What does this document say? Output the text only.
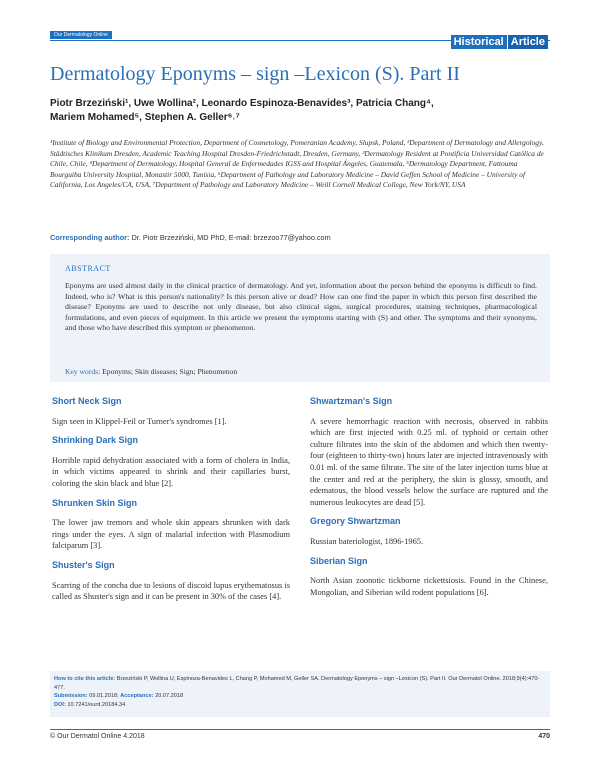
Our Dermatology Online
Historical Article
Dermatology Eponyms – sign –Lexicon (S). Part II
Piotr Brzeziński¹, Uwe Wollina², Leonardo Espinoza-Benavides³, Patricia Chang⁴,
Mariem Mohamed⁵, Stephen A. Geller⁶˒⁷
¹Institute of Biology and Environmental Protection, Department of Cosmetology, Pomeranian Academy, Slupsk, Poland, ²Department of Dermatology and Allergology, Städtisches Klinikum Dresden, Academic Teaching Hospital Dresden-Friedrichstadt, Dresden, Germany, ³Dermatology Resident at Pontificia Universidad Católica de Chile, Chile, ⁴Department of Dermatology, Hospital General de Enfermedades IGSS and Hospital Ángeles, Guatemala, ⁵Dermatology Department, Fattouma Bourguiba University Hospital, Monastir 5000, Tunisia, ⁶Department of Pathology and Laboratory Medicine – David Geffen School of Medicine – University of California, Los Angeles/CA, USA, ⁷Department of Pathology and Laboratory Medicine – Weill Cornell Medical College, New York/NY, USA
Corresponding author: Dr. Piotr Brzeziński, MD PhD, E-mail: brzezoo77@yahoo.com
ABSTRACT
Eponyms are used almost daily in the clinical practice of dermatology. And yet, information about the person behind the eponyms is difficult to find. Indeed, who is? What is this person's nationality? Is this person alive or dead? How can one find the paper in which this person first described the disease? Eponyms are used to describe not only disease, but also clinical signs, surgical procedures, staining techniques, pharmacological formulations, and even pieces of equipment. In this article we present the symptoms starting with (S) and other. The symptoms and their synonyms, and those who have described this symptom or phenomenon.
Key words: Eponyms; Skin diseases; Sign; Phenomenon
Short Neck Sign
Sign seen in Klippel-Feil or Turner's syndromes [1].
Shrinking Dark Sign
Horrible rapid dehydration associated with a form of cholera in India, in which victims appeared to shrink and their capillaries burst, coloring the skin black and blue [2].
Shrunken Skin Sign
The lower jaw tremors and whole skin appears shrunken with dark rings under the eyes. A sign of malarial infection with Plasmodium falciparum [3].
Shuster's Sign
Scarring of the concha due to lesions of discoid lupus erythematosus is called as Shuster's sign and it can be present in 30% of the cases [4].
Shwartzman's Sign
A severe hemorrhagic reaction with necrosis, observed in rabbits which are first injected with 0.25 ml. of typhoid or certain other culture filtrates into the skin of the abdomen and which then twenty-four (eighteen to thirty-two) hours later are injected intravenously with 0.01 ml. of the same filtrate. The site of the later injection turns blue at the center and red at the periphery, the skin is glossy, smooth, and edematous, the blood vessels below the surface are ruptured and the numerous leukocytes are dead [5].
Gregory Shwartzman
Russian bateriologist, 1896-1965.
Siberian Sign
North Asian zoonotic tickborne rickettsiosis. Found in the Chinese, Mongolian, and Siberian wild rodent populations [6].
How to cite this article: Brzeziński P, Wollina U, Espinoza-Benavides L, Chang P, Mohamed M, Geller SA. Dermatology Eponyms – sign –Lexicon (S). Part II. Our Dermatol Online. 2018;9(4):470-477.
Submission: 09.01.2018; Acceptance: 20.07.2018
DOI: 10.7241/ourd.20184.34
© Our Dermatol Online 4.2018	470
